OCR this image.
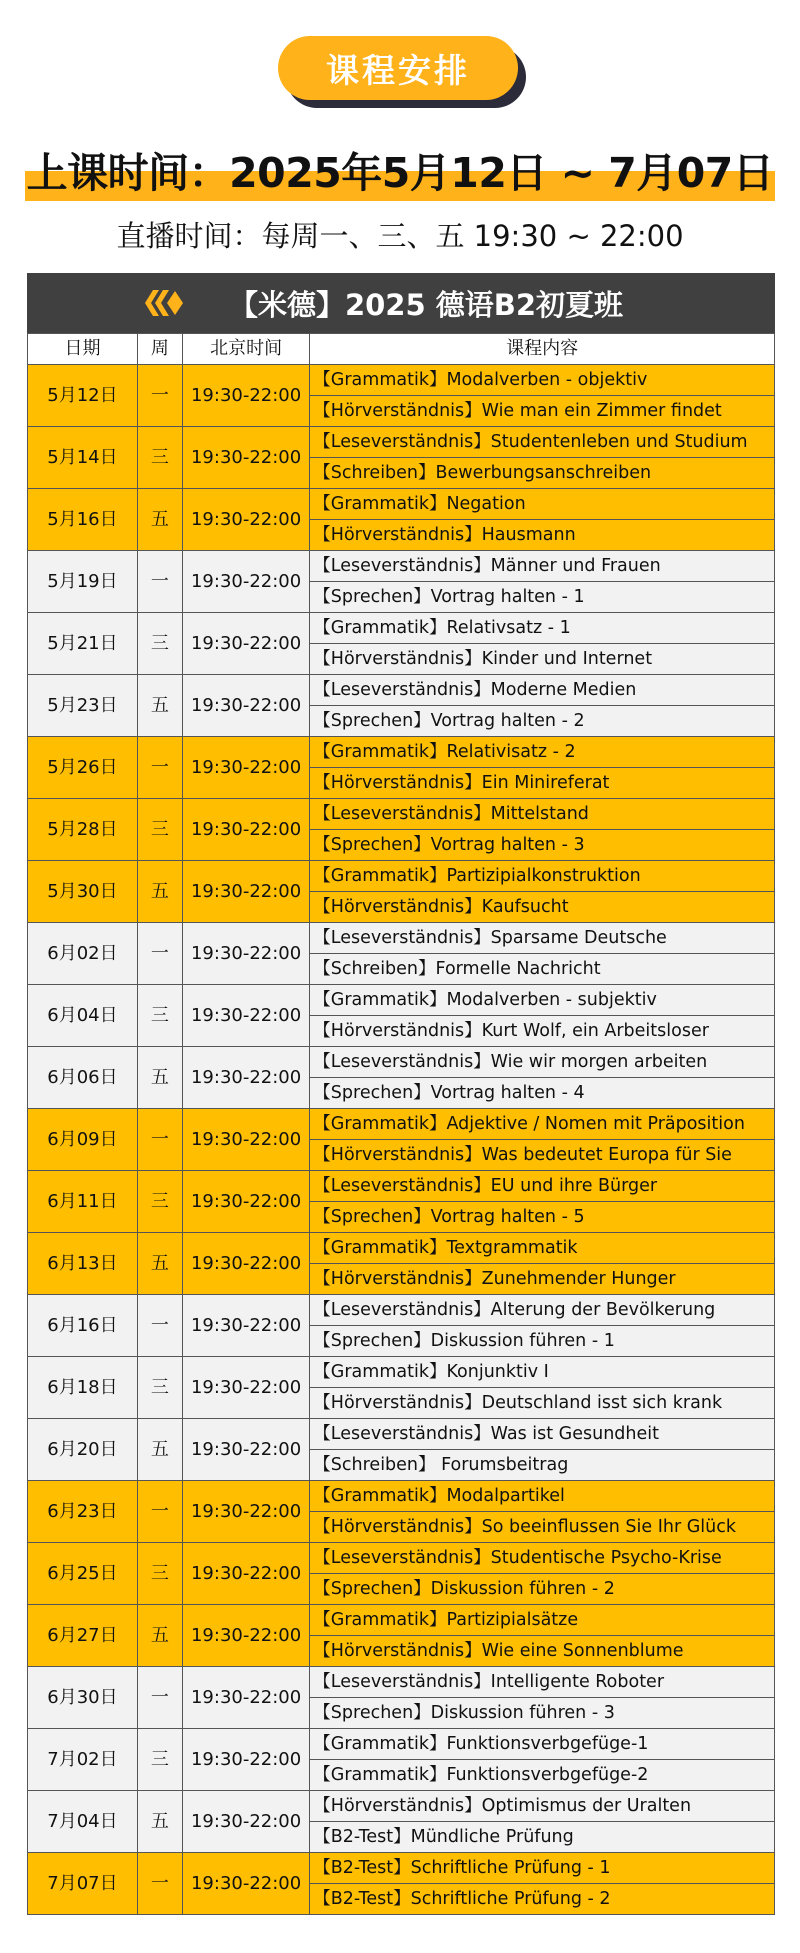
课程安排
上课时间：2025年5月12日 ~ 7月07日
直播时间：每周一、三、五 19:30 ~ 22:00
【米德】2025 德语B2初夏班
日期	周	北京时间	课程内容
5月12日	一	19:30-22:00	【Grammatik】Modalverben - objektiv
			【Hörverständnis】Wie man ein Zimmer findet
5月14日	三	19:30-22:00	【Leseverständnis】Studentenleben und Studium
			【Schreiben】Bewerbungsanschreiben
5月16日	五	19:30-22:00	【Grammatik】Negation
			【Hörverständnis】Hausmann
5月19日	一	19:30-22:00	【Leseverständnis】Männer und Frauen
			【Sprechen】Vortrag halten - 1
5月21日	三	19:30-22:00	【Grammatik】Relativsatz - 1
			【Hörverständnis】Kinder und Internet
5月23日	五	19:30-22:00	【Leseverständnis】Moderne Medien
			【Sprechen】Vortrag halten - 2
5月26日	一	19:30-22:00	【Grammatik】Relativisatz - 2
			【Hörverständnis】Ein Minireferat
5月28日	三	19:30-22:00	【Leseverständnis】Mittelstand
			【Sprechen】Vortrag halten - 3
5月30日	五	19:30-22:00	【Grammatik】Partizipialkonstruktion
			【Hörverständnis】Kaufsucht
6月02日	一	19:30-22:00	【Leseverständnis】Sparsame Deutsche
			【Schreiben】Formelle Nachricht
6月04日	三	19:30-22:00	【Grammatik】Modalverben - subjektiv
			【Hörverständnis】Kurt Wolf, ein Arbeitsloser
6月06日	五	19:30-22:00	【Leseverständnis】Wie wir morgen arbeiten
			【Sprechen】Vortrag halten - 4
6月09日	一	19:30-22:00	【Grammatik】Adjektive / Nomen mit Präposition
			【Hörverständnis】Was bedeutet Europa für Sie
6月11日	三	19:30-22:00	【Leseverständnis】EU und ihre Bürger
			【Sprechen】Vortrag halten - 5
6月13日	五	19:30-22:00	【Grammatik】Textgrammatik
			【Hörverständnis】Zunehmender Hunger
6月16日	一	19:30-22:00	【Leseverständnis】Alterung der Bevölkerung
			【Sprechen】Diskussion führen - 1
6月18日	三	19:30-22:00	【Grammatik】Konjunktiv I
			【Hörverständnis】Deutschland isst sich krank
6月20日	五	19:30-22:00	【Leseverständnis】Was ist Gesundheit
			【Schreiben】 Forumsbeitrag
6月23日	一	19:30-22:00	【Grammatik】Modalpartikel
			【Hörverständnis】So beeinflussen Sie Ihr Glück
6月25日	三	19:30-22:00	【Leseverständnis】Studentische Psycho-Krise
			【Sprechen】Diskussion führen - 2
6月27日	五	19:30-22:00	【Grammatik】Partizipialsätze
			【Hörverständnis】Wie eine Sonnenblume
6月30日	一	19:30-22:00	【Leseverständnis】Intelligente Roboter
			【Sprechen】Diskussion führen - 3
7月02日	三	19:30-22:00	【Grammatik】Funktionsverbgefüge-1
			【Grammatik】Funktionsverbgefüge-2
7月04日	五	19:30-22:00	【Hörverständnis】Optimismus der Uralten
			【B2-Test】Mündliche Prüfung
7月07日	一	19:30-22:00	【B2-Test】Schriftliche Prüfung - 1
			【B2-Test】Schriftliche Prüfung - 2
